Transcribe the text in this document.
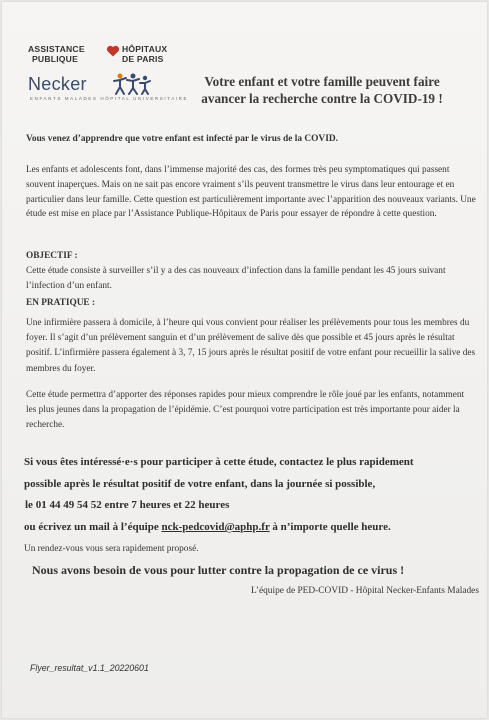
ASSISTANCE	HÔPITAUX
PUBLIQUE	DE PARIS
Necker
ENFANTS MALADES HÔPITAL UNIVERSITAIRE
Votre enfant et votre famille peuvent faire
avancer la recherche contre la COVID-19 !
Vous venez d’apprendre que votre enfant est infecté par le virus de la COVID.
Les enfants et adolescents font, dans l’immense majorité des cas, des formes très peu symptomatiques qui passent souvent inaperçues. Mais on ne sait pas encore vraiment s’ils peuvent transmettre le virus dans leur entourage et en particulier dans leur famille. Cette question est particulièrement importante avec l’apparition des nouveaux variants. Une étude est mise en place par l’Assistance Publique-Hôpitaux de Paris pour essayer de répondre à cette question.
OBJECTIF :
Cette étude consiste à surveiller s’il y a des cas nouveaux d’infection dans la famille pendant les 45 jours suivant l’infection d’un enfant.
EN PRATIQUE :
Une infirmière passera à domicile, à l’heure qui vous convient pour réaliser les prélèvements pour tous les membres du foyer. Il s’agit d’un prélèvement sanguin et d’un prélèvement de salive dès que possible et 45 jours après le résultat positif. L’infirmière passera également à 3, 7, 15 jours après le résultat positif de votre enfant pour recueillir la salive des membres du foyer.
Cette étude permettra d’apporter des réponses rapides pour mieux comprendre le rôle joué par les enfants, notamment les plus jeunes dans la propagation de l’épidémie. C’est pourquoi votre participation est très importante pour aider la recherche.
Si vous êtes intéressé·e·s pour participer à cette étude, contactez le plus rapidement
possible après le résultat positif de votre enfant, dans la journée si possible,
le 01 44 49 54 52 entre 7 heures et 22 heures
ou écrivez un mail à l’équipe nck-pedcovid@aphp.fr à n’importe quelle heure.
Un rendez-vous vous sera rapidement proposé.
Nous avons besoin de vous pour lutter contre la propagation de ce virus !
L’équipe de PED-COVID - Hôpital Necker-Enfants Malades
Flyer_resultat_v1.1_20220601
